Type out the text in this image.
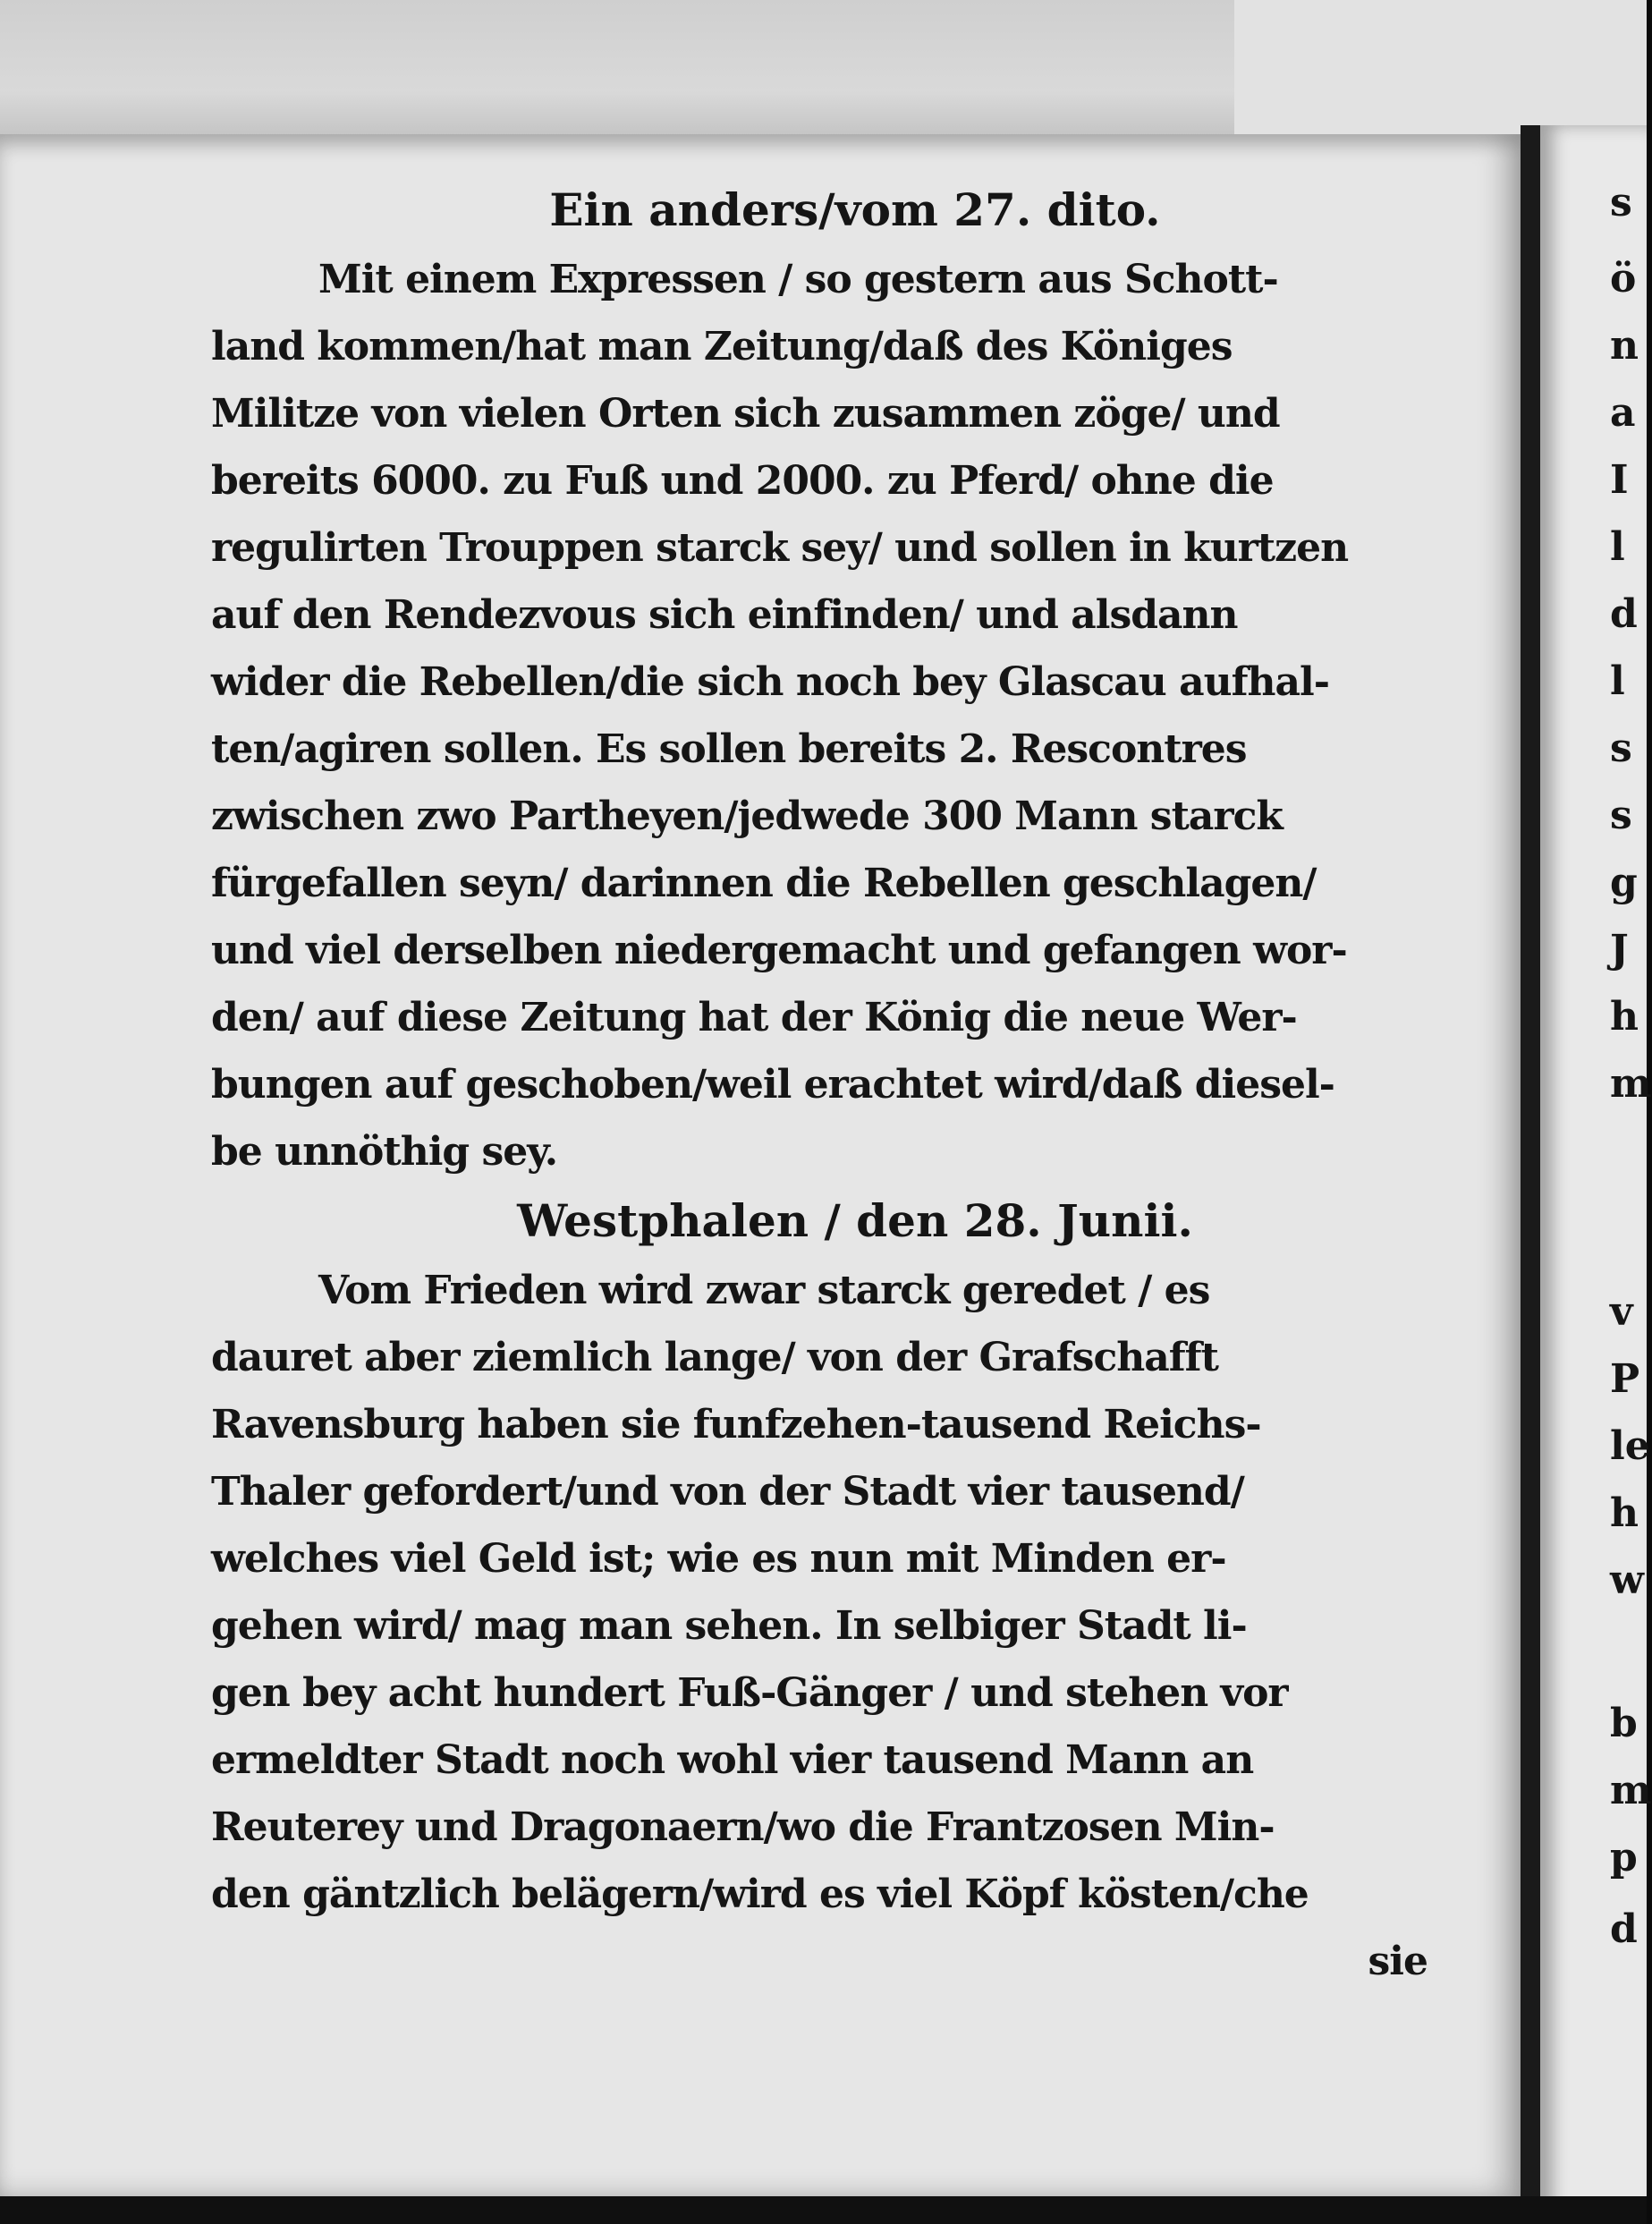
Ein anders/vom 27. dito.
Mit einem Expressen / so gestern aus Schott-
land kommen/hat man Zeitung/daß des Königes
Militze von vielen Orten sich zusammen zöge/ und
bereits 6000. zu Fuß und 2000. zu Pferd/ ohne die
regulirten Trouppen starck sey/ und sollen in kurtzen
auf den Rendezvous sich einfinden/ und alsdann
wider die Rebellen/die sich noch bey Glascau aufhal-
ten/agiren sollen. Es sollen bereits 2. Rescontres
zwischen zwo Partheyen/jedwede 300 Mann starck
fürgefallen seyn/ darinnen die Rebellen geschlagen/
und viel derselben niedergemacht und gefangen wor-
den/ auf diese Zeitung hat der König die neue Wer-
bungen auf geschoben/weil erachtet wird/daß diesel-
be unnöthig sey.
Westphalen / den 28. Junii.
Vom Frieden wird zwar starck geredet / es
dauret aber ziemlich lange/ von der Grafschafft
Ravensburg haben sie funfzehen-tausend Reichs-
Thaler gefordert/und von der Stadt vier tausend/
welches viel Geld ist; wie es nun mit Minden er-
gehen wird/ mag man sehen. In selbiger Stadt li-
gen bey acht hundert Fuß-Gänger / und stehen vor
ermeldter Stadt noch wohl vier tausend Mann an
Reuterey und Dragonaern/wo die Frantzosen Min-
den gäntzlich belägern/wird es viel Köpf kösten/che
sie
s
ö
n
a
I
l
d
l
s
s
g
J
h
m
v
P
le
h
w
b
m
p
d
